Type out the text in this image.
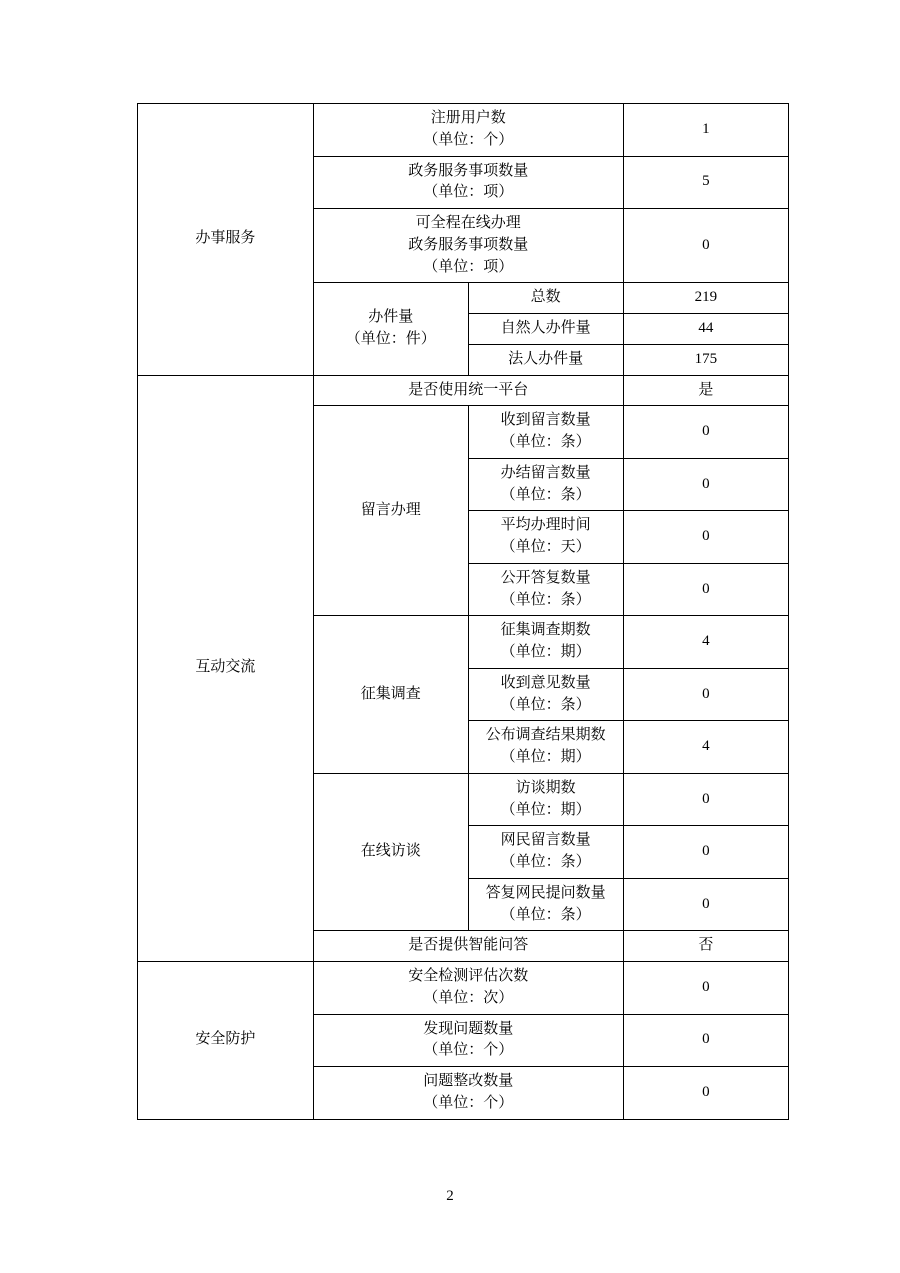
办事服务	注册用户数
（单位：个）		1

	政务服务事项数量
（单位：项）		5

	可全程在线办理
政务服务事项数量
（单位：项）		0

	办件量
（单位：件）	总数	219
		自然人办件量	44
		法人办件量	175

互动交流	是否使用统一平台		是
	留言办理	收到留言数量
（单位：条）	0

		办结留言数量
（单位：条）	0

		平均办理时间
（单位：天）	0

		公开答复数量
（单位：条）	0
	征集调查	征集调查期数
（单位：期）	4

		收到意见数量
（单位：条）	0

		公布调查结果期数
（单位：期）	4
	在线访谈	访谈期数
（单位：期）	0

		网民留言数量
（单位：条）	0

		答复网民提问数量
（单位：条）	0
	是否提供智能问答		否

安全防护	安全检测评估次数
（单位：次）		0

	发现问题数量
（单位：个）		0

	问题整改数量
（单位：个）		0
2
